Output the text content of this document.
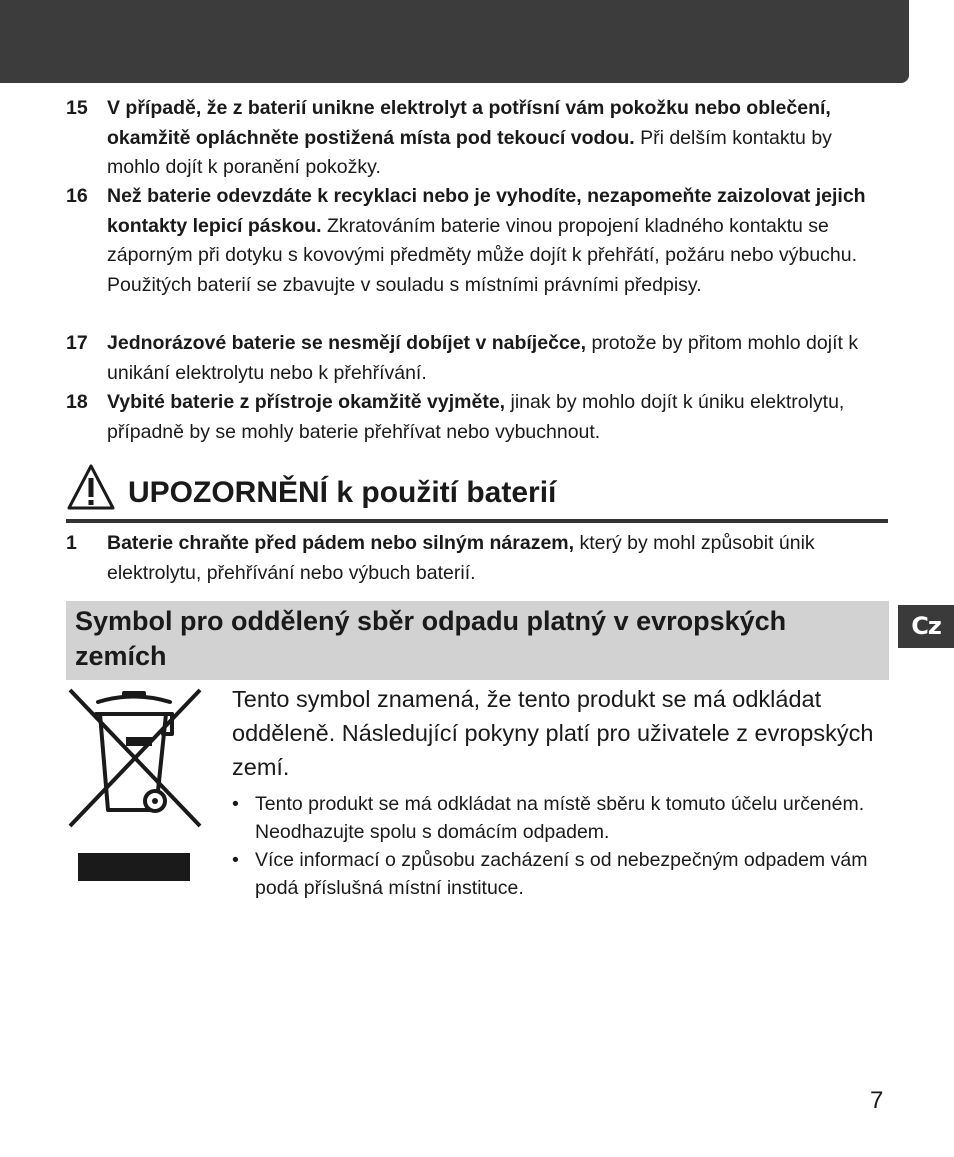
15 V případě, že z baterií unikne elektrolyt a potřísní vám pokožku nebo oblečení, okamžitě opláchněte postižená místa pod tekoucí vodou. Při delším kontaktu by mohlo dojít k poranění pokožky.
16 Než baterie odevzdáte k recyklaci nebo je vyhodíte, nezapomeňte zaizolovat jejich kontakty lepicí páskou. Zkratováním baterie vinou propojení kladného kontaktu se záporným při dotyku s kovovými předměty může dojít k přehřátí, požáru nebo výbuchu. Použitých baterií se zbavujte v souladu s místními právními předpisy.
17 Jednorázové baterie se nesmějí dobíjet v nabíječce, protože by přitom mohlo dojít k unikání elektrolytu nebo k přehřívání.
18 Vybité baterie z přístroje okamžitě vyjměte, jinak by mohlo dojít k úniku elektrolytu, případně by se mohly baterie přehřívat nebo vybuchnout.
UPOZORNĚNÍ k použití baterií
1 Baterie chraňte před pádem nebo silným nárazem, který by mohl způsobit únik elektrolytu, přehřívání nebo výbuch baterií.
Symbol pro oddělený sběr odpadu platný v evropských zemích
Cz
Tento symbol znamená, že tento produkt se má odkládat odděleně. Následující pokyny platí pro uživatele z evropských zemí.
• Tento produkt se má odkládat na místě sběru k tomuto účelu určeném. Neodhazujte spolu s domácím odpadem.
• Více informací o způsobu zacházení s od nebezpečným odpadem vám podá příslušná místní instituce.
7
